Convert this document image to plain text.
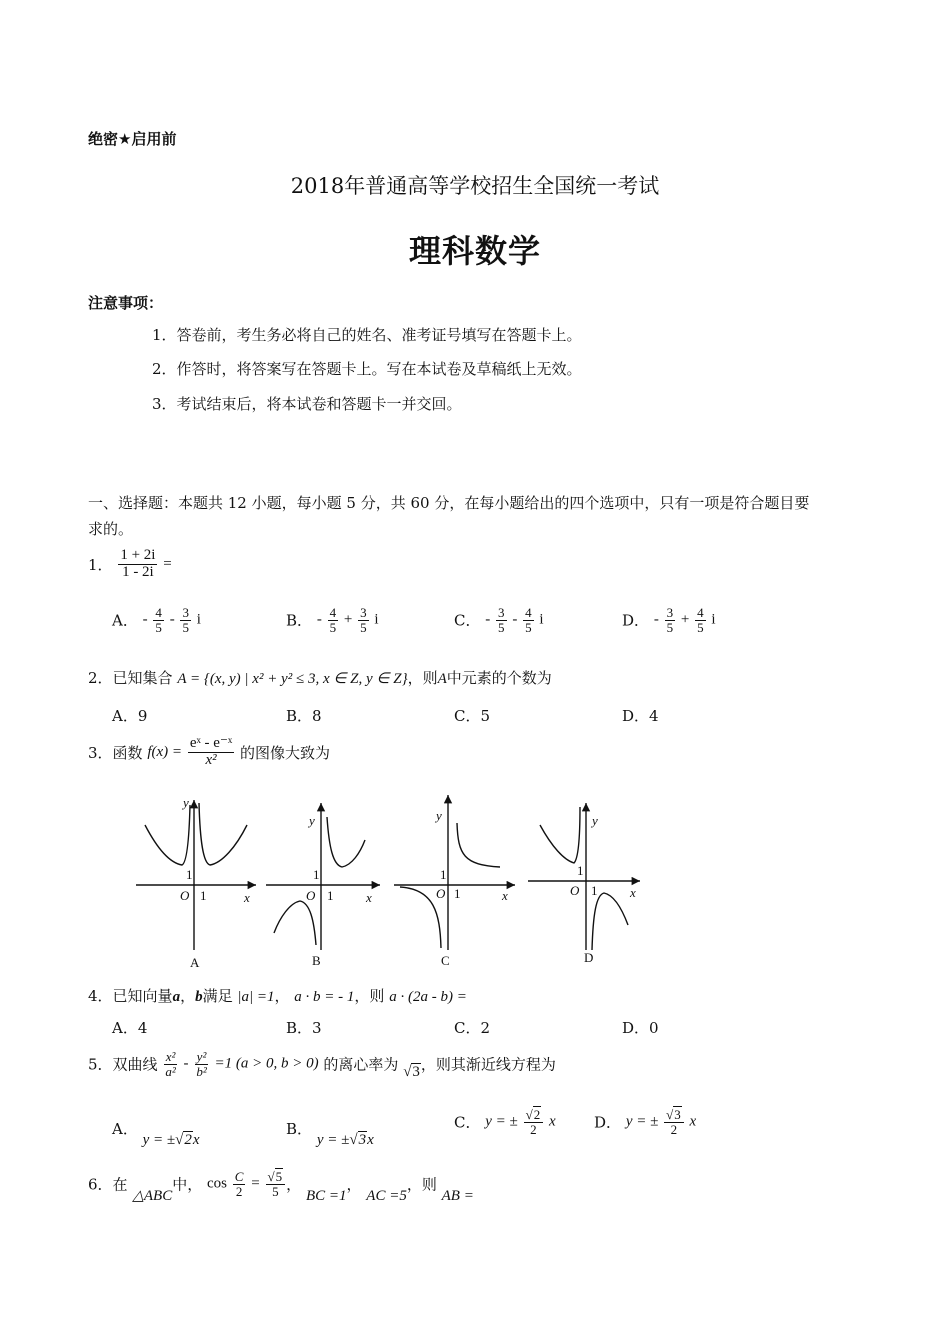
绝密★启用前
2018年普通高等学校招生全国统一考试
理科数学
注意事项：
1．答卷前，考生务必将自己的姓名、准考证号填写在答题卡上。
2．作答时，将答案写在答题卡上。写在本试卷及草稿纸上无效。
3．考试结束后，将本试卷和答题卡一并交回。
一、选择题：本题共 12 小题，每小题 5 分，共 60 分，在每小题给出的四个选项中，只有一项是符合题目要
求的。
1． $\frac{1 + 2i}{1 - 2i}$ =
A． - $\frac{4}{5} - \frac{3}{5}$ i	B． - $\frac{4}{5} + \frac{3}{5}$ i	C． - $\frac{3}{5} - \frac{4}{5}$ i	D． - $\frac{3}{5} + \frac{4}{5}$ i
2．已知集合 A = {(x, y) | x² + y² ≤ 3, x ∈ Z, y ∈ Z}，则A中元素的个数为
A．9	B．8	C．5	D．4
3．函数 $f(x) = \frac{\text{eˣ - e⁻ˣ}}{\text{x²}}$ 的图像大致为
y
1
O 1	x
A
y
1
O 1	x
B
y
1
O 1	x
C
y
1
O 1	x
D
4．已知向量a，b满足 |a| =1， a · b = - 1，则 a · (2a - b) =
A．4	B．3	C．2	D．0
5．双曲线 $\frac{\text{x²}}{\text{a²}} - \frac{\text{y²}}{\text{b²}} =1$ (a > 0, b > 0) 的离心率为 √3，则其渐近线方程为
A． y = ±√2x
B． y = ±√3x
C． y = ± $\frac{√2}{2}$ x	D． y = ± $\frac{√3}{2}$ x
6．在 △ABC中， $\cos \frac{C}{2} = \frac{√5}{5}$ ， BC =1， AC =5，则 AB =
